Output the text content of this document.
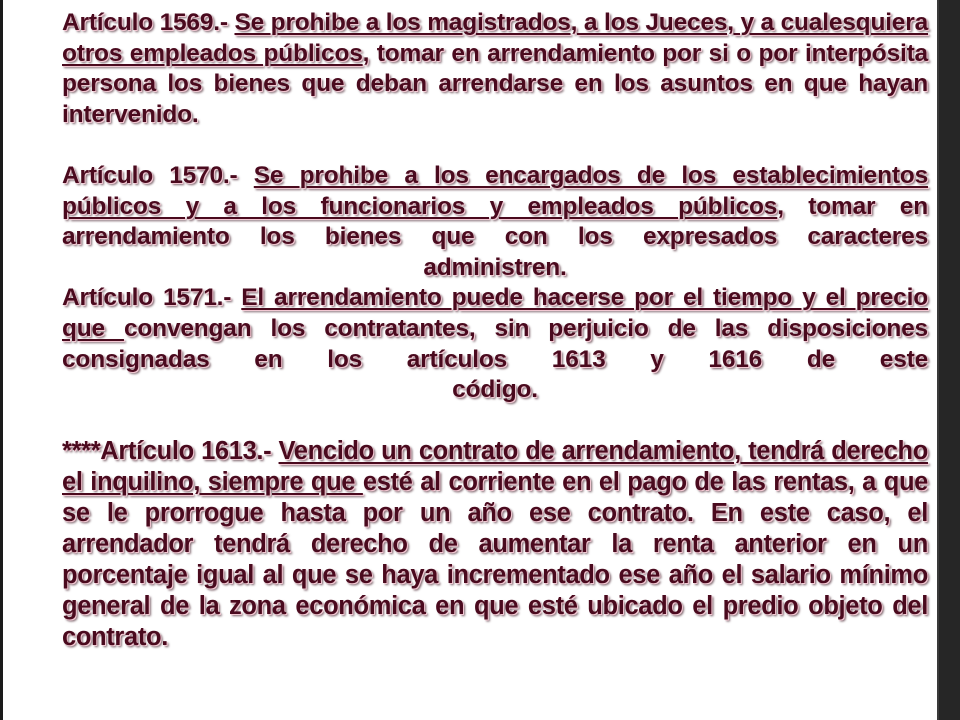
Artículo 1569.- Se prohibe a los magistrados, a los Jueces, y a cualesquiera otros empleados públicos, tomar en arrendamiento por si o por interpósita persona los bienes que deban arrendarse en los asuntos en que hayan intervenido.

Artículo 1570.- Se prohibe a los encargados de los establecimientos públicos y a los funcionarios y empleados públicos, tomar en arrendamiento los bienes que con los expresados caracteres
administren.

Artículo 1571.- El arrendamiento puede hacerse por el tiempo y el precio que convengan los contratantes, sin perjuicio de las disposiciones consignadas en los artículos 1613 y 1616 de este
código.

****Artículo 1613.- Vencido un contrato de arrendamiento, tendrá derecho el inquilino, siempre que esté al corriente en el pago de las rentas, a que se le prorrogue hasta por un año ese contrato. En este caso, el arrendador tendrá derecho de aumentar la renta anterior en un porcentaje igual al que se haya incrementado ese año el salario mínimo general de la zona económica en que esté ubicado el predio objeto del contrato.
